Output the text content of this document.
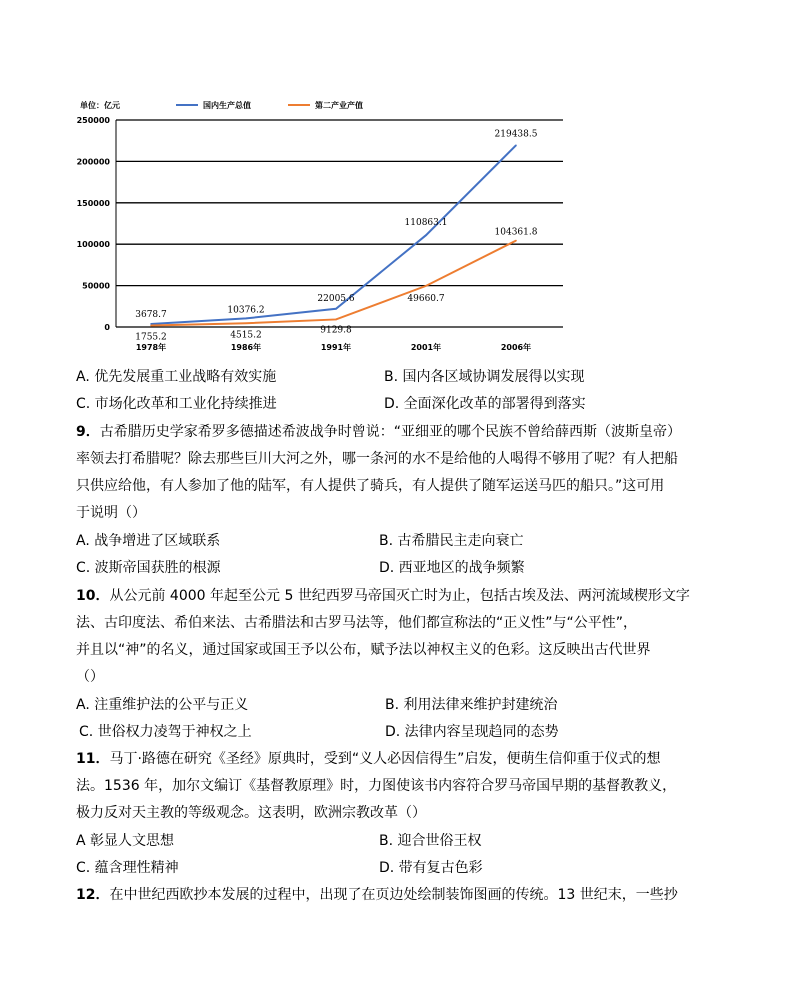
单位：亿元	国内生产总值	第二产业产值
0
50000
100000
150000
200000
250000
1978年	1986年	1991年	2001年	2006年
3678.7	10376.2
22005.6
110863.1
219438.5
1755.2	4515.2	9129.8
49660.7
104361.8
A. 优先发展重工业战略有效实施	B. 国内各区域协调发展得以实现
C. 市场化改革和工业化持续推进	D. 全面深化改革的部署得到落实
9．古希腊历史学家希罗多德描述希波战争时曾说：“亚细亚的哪个民族不曾给薛西斯（波斯皇帝）
率领去打希腊呢？除去那些巨川大河之外，哪一条河的水不是给他的人喝得不够用了呢？有人把船
只供应给他，有人参加了他的陆军，有人提供了骑兵，有人提供了随军运送马匹的船只。”这可用
于说明（）
A. 战争增进了区域联系	B. 古希腊民主走向衰亡
C. 波斯帝国获胜的根源	D. 西亚地区的战争频繁
10．从公元前 4000 年起至公元 5 世纪西罗马帝国灭亡时为止，包括古埃及法、两河流域楔形文字
法、古印度法、希伯来法、古希腊法和古罗马法等，他们都宣称法的“正义性”与“公平性”，
并且以“神”的名义，通过国家或国王予以公布，赋予法以神权主义的色彩。这反映出古代世界
（）
A. 注重维护法的公平与正义	B. 利用法律来维护封建统治
C. 世俗权力凌驾于神权之上	D. 法律内容呈现趋同的态势
11．马丁·路德在研究《圣经》原典时，受到“义人必因信得生”启发，便萌生信仰重于仪式的想
法。1536 年，加尔文编订《基督教原理》时，力图使该书内容符合罗马帝国早期的基督教教义，
极力反对天主教的等级观念。这表明，欧洲宗教改革（）
A 彰显人文思想	B. 迎合世俗王权
C. 蕴含理性精神	D. 带有复古色彩
12．在中世纪西欧抄本发展的过程中，出现了在页边处绘制装饰图画的传统。13 世纪末，一些抄
